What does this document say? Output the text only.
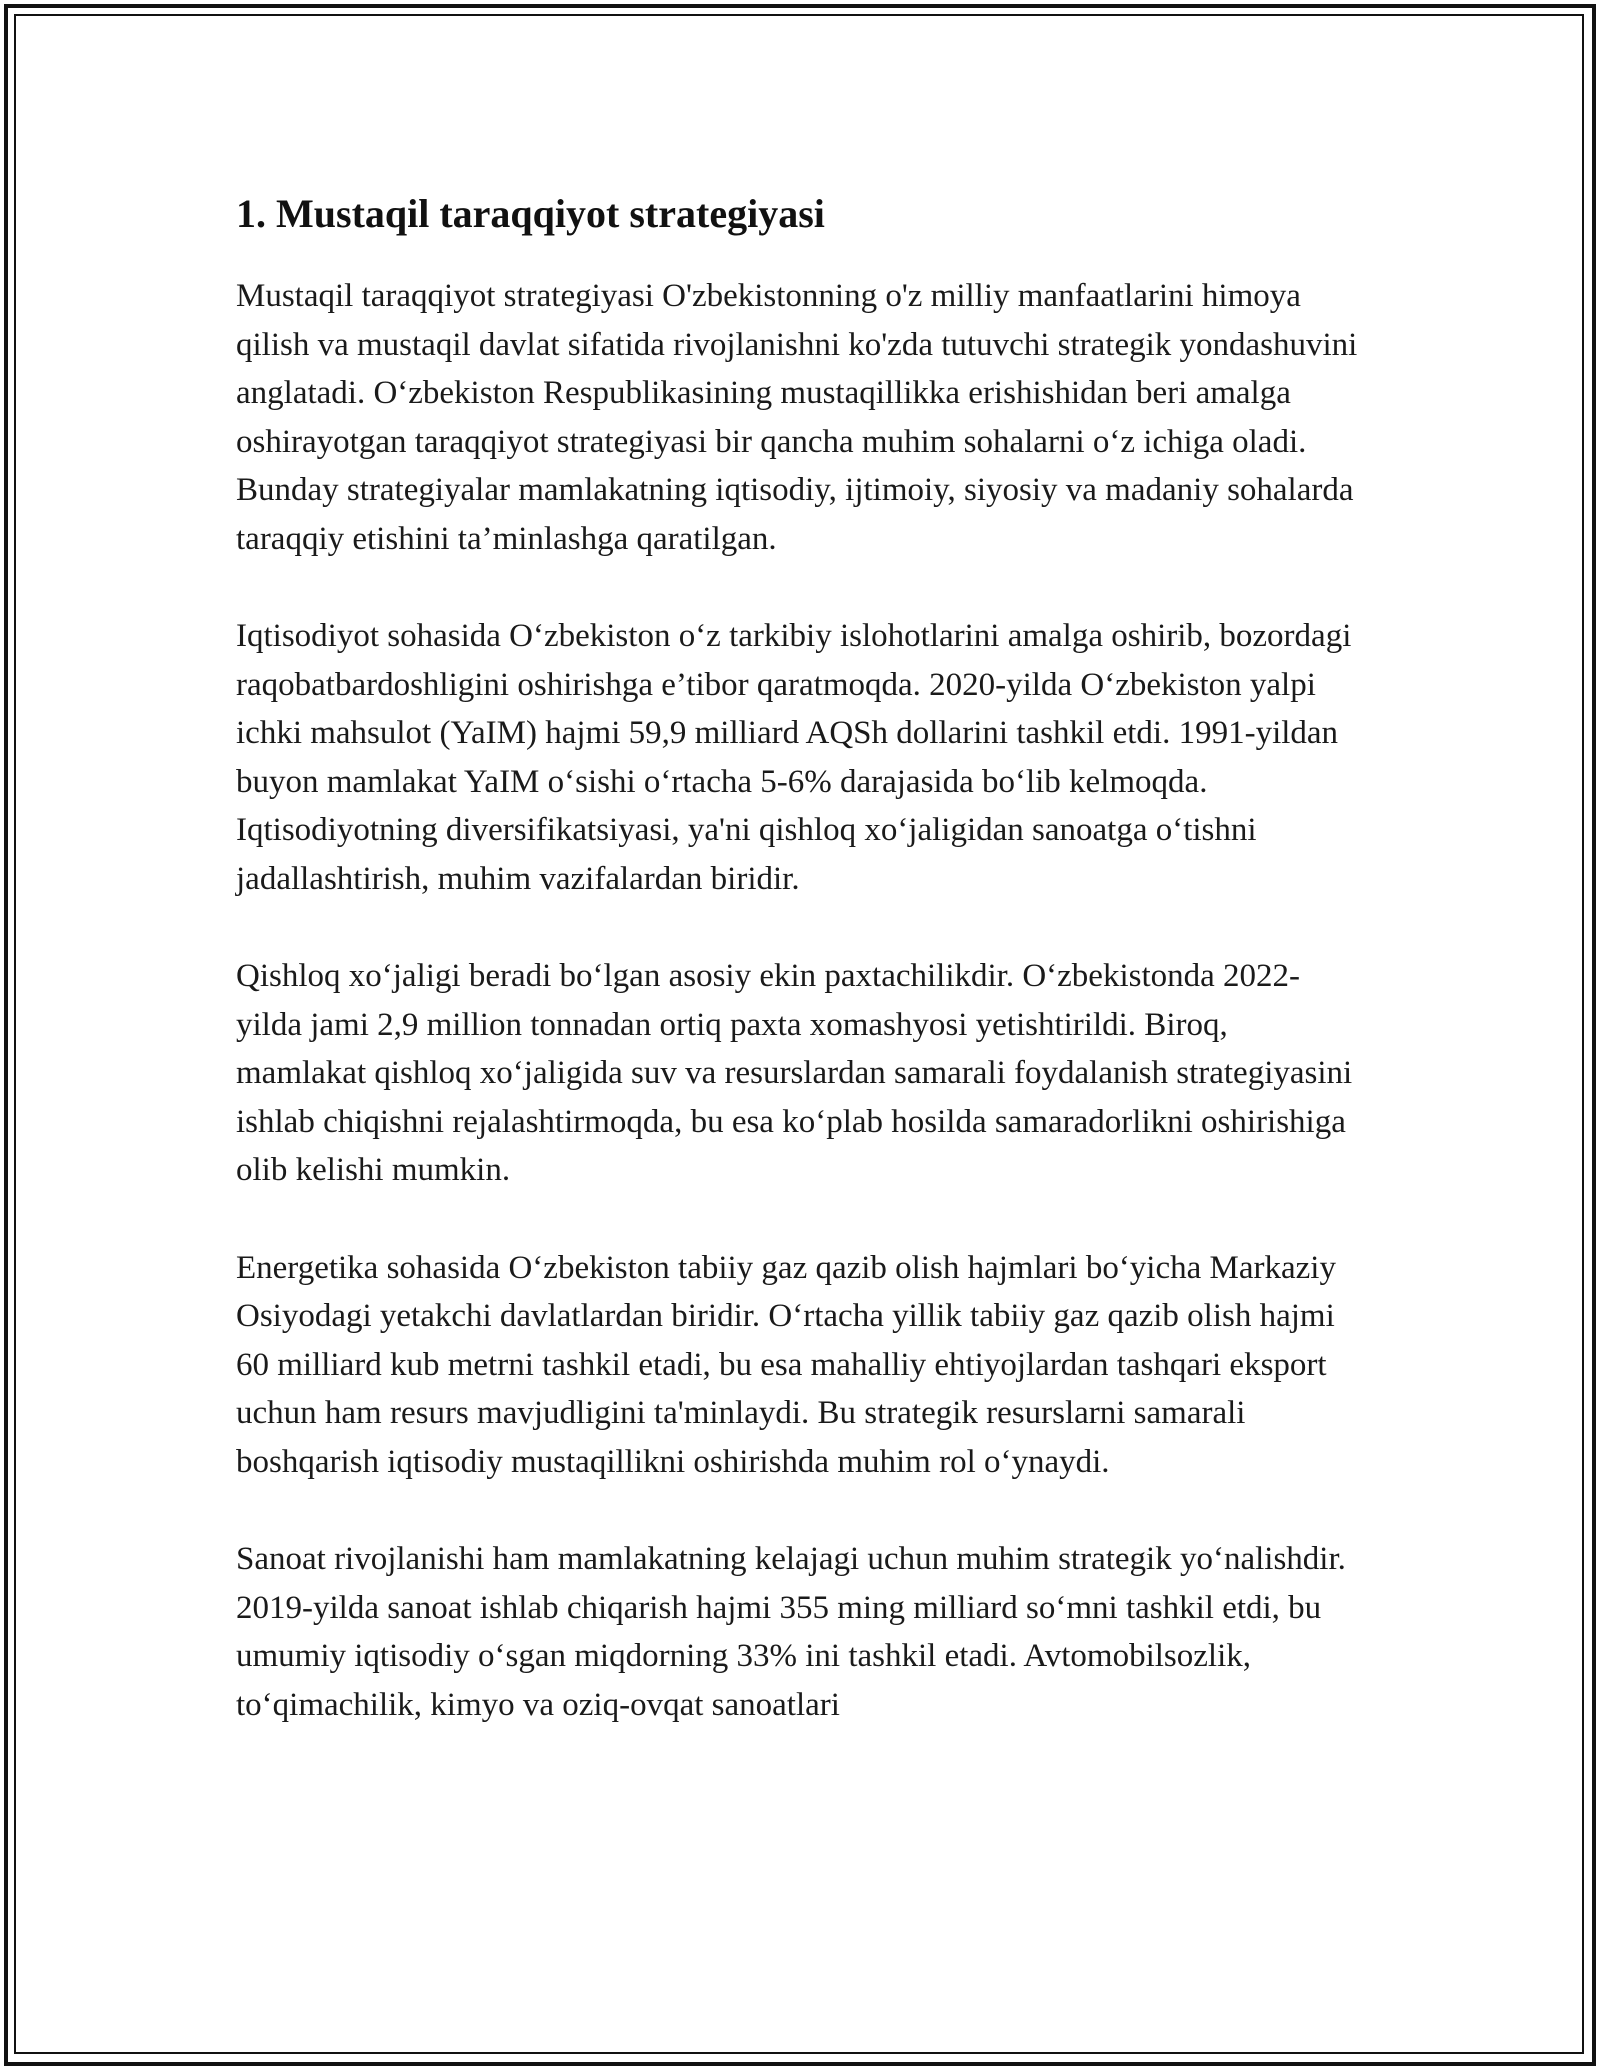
1. Mustaqil taraqqiyot strategiyasi

Mustaqil taraqqiyot strategiyasi O'zbekistonning o'z milliy manfaatlarini himoya qilish va mustaqil davlat sifatida rivojlanishni ko'zda tutuvchi strategik yondashuvini anglatadi. O‘zbekiston Respublikasining mustaqillikka erishishidan beri amalga oshirayotgan taraqqiyot strategiyasi bir qancha muhim sohalarni o‘z ichiga oladi. Bunday strategiyalar mamlakatning iqtisodiy, ijtimoiy, siyosiy va madaniy sohalarda taraqqiy etishini ta’minlashga qaratilgan.

Iqtisodiyot sohasida O‘zbekiston o‘z tarkibiy islohotlarini amalga oshirib, bozordagi raqobatbardoshligini oshirishga e’tibor qaratmoqda. 2020-yilda O‘zbekiston yalpi ichki mahsulot (YaIM) hajmi 59,9 milliard AQSh dollarini tashkil etdi. 1991-yildan buyon mamlakat YaIM o‘sishi o‘rtacha 5-6% darajasida bo‘lib kelmoqda. Iqtisodiyotning diversifikatsiyasi, ya'ni qishloq xo‘jaligidan sanoatga o‘tishni jadallashtirish, muhim vazifalardan biridir.

Qishloq xo‘jaligi beradi bo‘lgan asosiy ekin paxtachilikdir. O‘zbekistonda 2022-yilda jami 2,9 million tonnadan ortiq paxta xomashyosi yetishtirildi. Biroq, mamlakat qishloq xo‘jaligida suv va resurslardan samarali foydalanish strategiyasini ishlab chiqishni rejalashtirmoqda, bu esa ko‘plab hosilda samaradorlikni oshirishiga olib kelishi mumkin.

Energetika sohasida O‘zbekiston tabiiy gaz qazib olish hajmlari bo‘yicha Markaziy Osiyodagi yetakchi davlatlardan biridir. O‘rtacha yillik tabiiy gaz qazib olish hajmi 60 milliard kub metrni tashkil etadi, bu esa mahalliy ehtiyojlardan tashqari eksport uchun ham resurs mavjudligini ta'minlaydi. Bu strategik resurslarni samarali boshqarish iqtisodiy mustaqillikni oshirishda muhim rol o‘ynaydi.

Sanoat rivojlanishi ham mamlakatning kelajagi uchun muhim strategik yo‘nalishdir. 2019-yilda sanoat ishlab chiqarish hajmi 355 ming milliard so‘mni tashkil etdi, bu umumiy iqtisodiy o‘sgan miqdorning 33% ini tashkil etadi. Avtomobilsozlik, to‘qimachilik, kimyo va oziq-ovqat sanoatlari
